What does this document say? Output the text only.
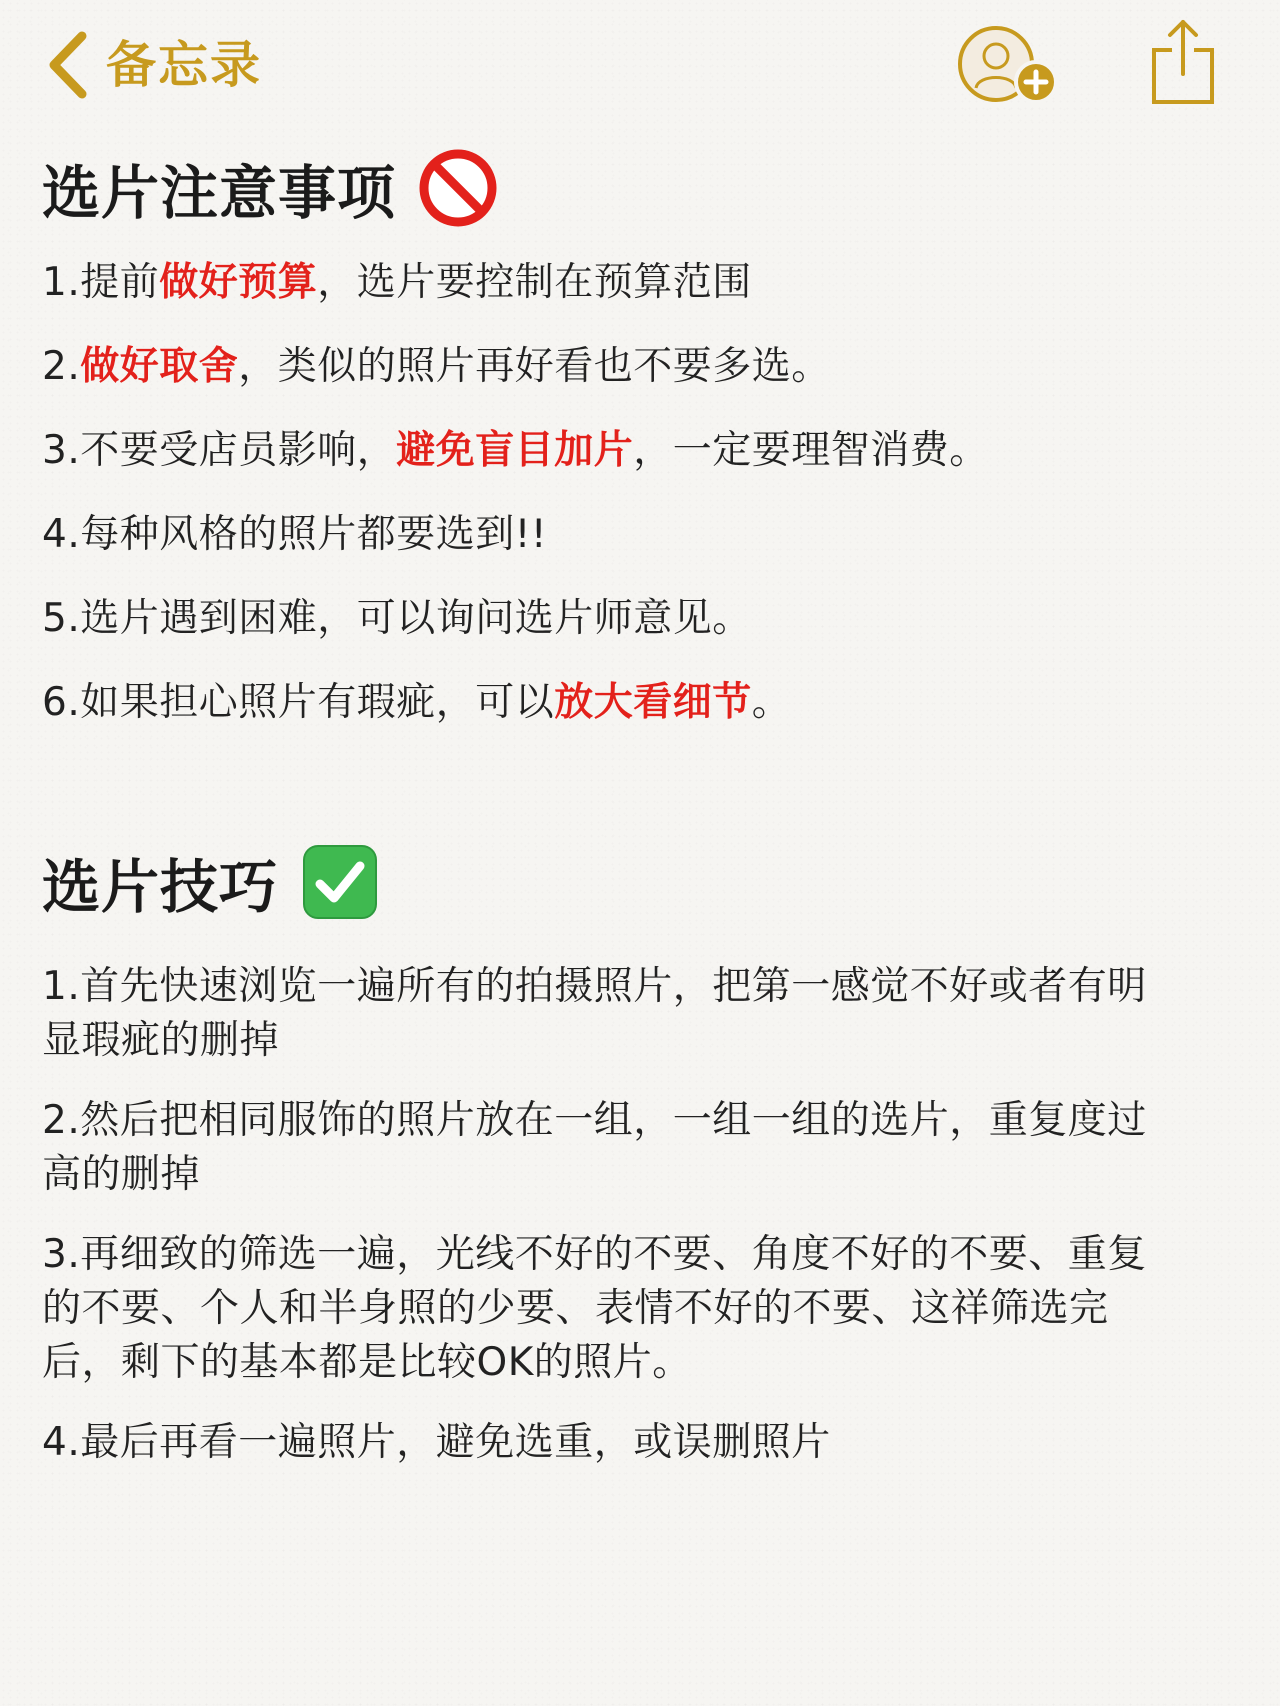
备忘录
选片注意事项
1.提前做好预算，选片要控制在预算范围
2.做好取舍，类似的照片再好看也不要多选。
3.不要受店员影响，避免盲目加片，一定要理智消费。
4.每种风格的照片都要选到!!
5.选片遇到困难，可以询问选片师意见。
6.如果担心照片有瑕疵，可以放大看细节。
选片技巧
1.首先快速浏览一遍所有的拍摄照片，把第一感觉不好或者有明显瑕疵的删掉
2.然后把相同服饰的照片放在一组，一组一组的选片，重复度过高的删掉
3.再细致的筛选一遍，光线不好的不要、角度不好的不要、重复的不要、个人和半身照的少要、表情不好的不要、这祥筛选完后，剩下的基本都是比较OK的照片。
4.最后再看一遍照片，避免选重，或误删照片
